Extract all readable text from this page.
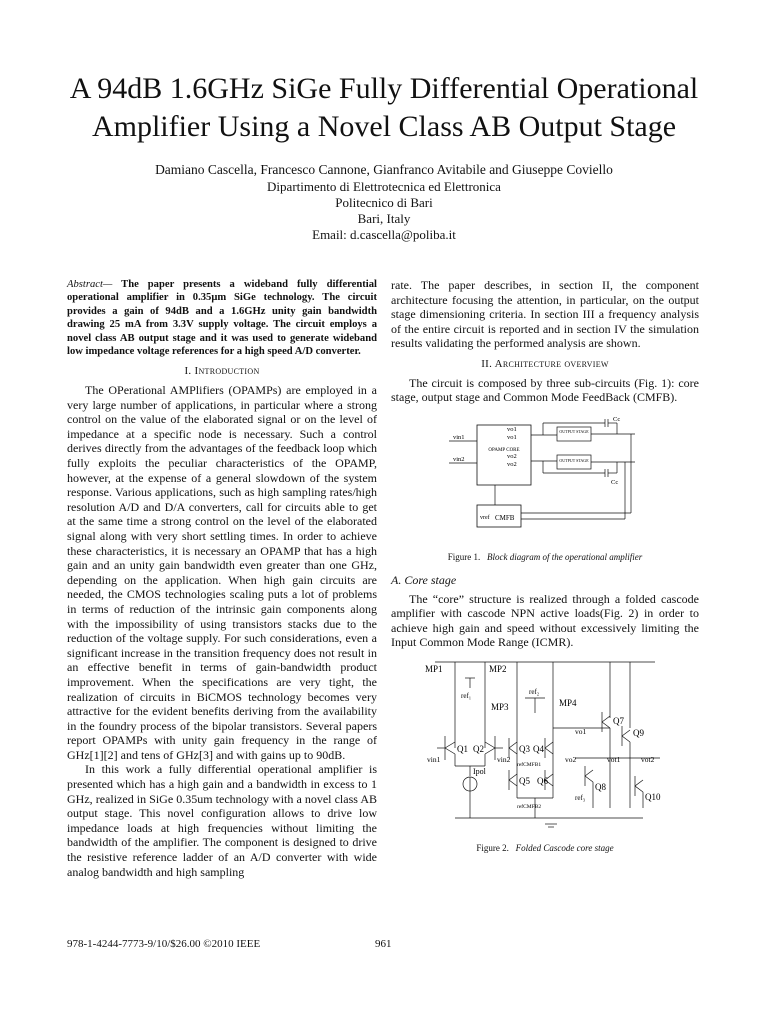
A 94dB 1.6GHz SiGe Fully Differential Operational Amplifier Using a Novel Class AB Output Stage
Damiano Cascella, Francesco Cannone, Gianfranco Avitabile and Giuseppe Coviello
Dipartimento di Elettrotecnica ed Elettronica
Politecnico di Bari
Bari, Italy
Email: d.cascella@poliba.it
Abstract— The paper presents a wideband fully differential operational amplifier in 0.35μm SiGe technology. The circuit provides a gain of 94dB and a 1.6GHz unity gain bandwidth drawing 25 mA from 3.3V supply voltage. The circuit employs a novel class AB output stage and it was used to generate wideband low impedance voltage references for a high speed A/D converter.
I. Introduction

The OPerational AMPlifiers (OPAMPs) are employed in a very large number of applications, in particular where a strong control on the value of the elaborated signal or on the level of impedance at a specific node is necessary. Such a control derives directly from the advantages of the feedback loop which fully exploits the peculiar characteristics of the OPAMP, however, at the expense of a general slowdown of the system response. Various applications, such as high sampling rates/high resolution A/D and D/A converters, call for circuits able to get at the same time a strong control on the level of the elaborated signal along with very short settling times. In order to achieve these characteristics, it is necessary an OPAMP that has a high gain and an unity gain bandwidth even greater than one GHz, depending on the application. When high gain circuits are needed, the CMOS technologies scaling puts a lot of problems in terms of reduction of the intrinsic gain components along with the impossibility of using transistors stacks due to the reduction of the voltage supply. For such considerations, even a significant increase in the transition frequency does not result in an effective benefit in terms of gain-bandwidth product improvement. When the specifications are very tight, the realization of circuits in BiCMOS technology becomes very attractive for the evident benefits deriving from the availability in the foundry process of the bipolar transistors. Several papers report OPAMPs with unity gain frequency in the range of GHz[1][2] and tens of GHz[3] and with gains up to 90dB.

In this work a fully differential operational amplifier is presented which has a high gain and a bandwidth in excess to 1 GHz, realized in SiGe 0.35um technology with a novel class AB output stage. This novel configuration allows to drive low impedance loads at high frequencies without limiting the bandwidth of the amplifier. The component is designed to drive the resistive reference ladder of an A/D converter with wide analog bandwidth and high sampling

rate. The paper describes, in section II, the component architecture focusing the attention, in particular, on the output stage dimensioning criteria. In section III a frequency analysis of the entire circuit is reported and in section IV the simulation results validating the performed analysis are shown.

II. Architecture overview

The circuit is composed by three sub-circuits (Fig. 1): core stage, output stage and Common Mode FeedBack (CMFB).

OPAMP CORE
vin1
vin2
vo1
vo1
vo2
vo2
OUTPUT STAGE
OUTPUT STAGE
Cc
Cc
vref CMFB
Figure 1. Block diagram of the operational amplifier
A. Core stage

The “core” structure is realized through a folded cascode amplifier with cascode NPN active loads(Fig. 2) in order to achieve high gain and speed without excessively limiting the Input Common Mode Range (ICMR).

MP1	MP2
ref₁
MP3
ref₂
MP4
Q1 Q2	Q3 Q4
Q5 Q6
Q7
Q8
Q9
Q10
vin1	vin2
Ipol
vo1
vo2	vot1	vot2
refCMFB1
refCMFB2
ref₃
Figure 2. Folded Cascode core stage
978-1-4244-7773-9/10/$26.00 ©2010 IEEE	961
